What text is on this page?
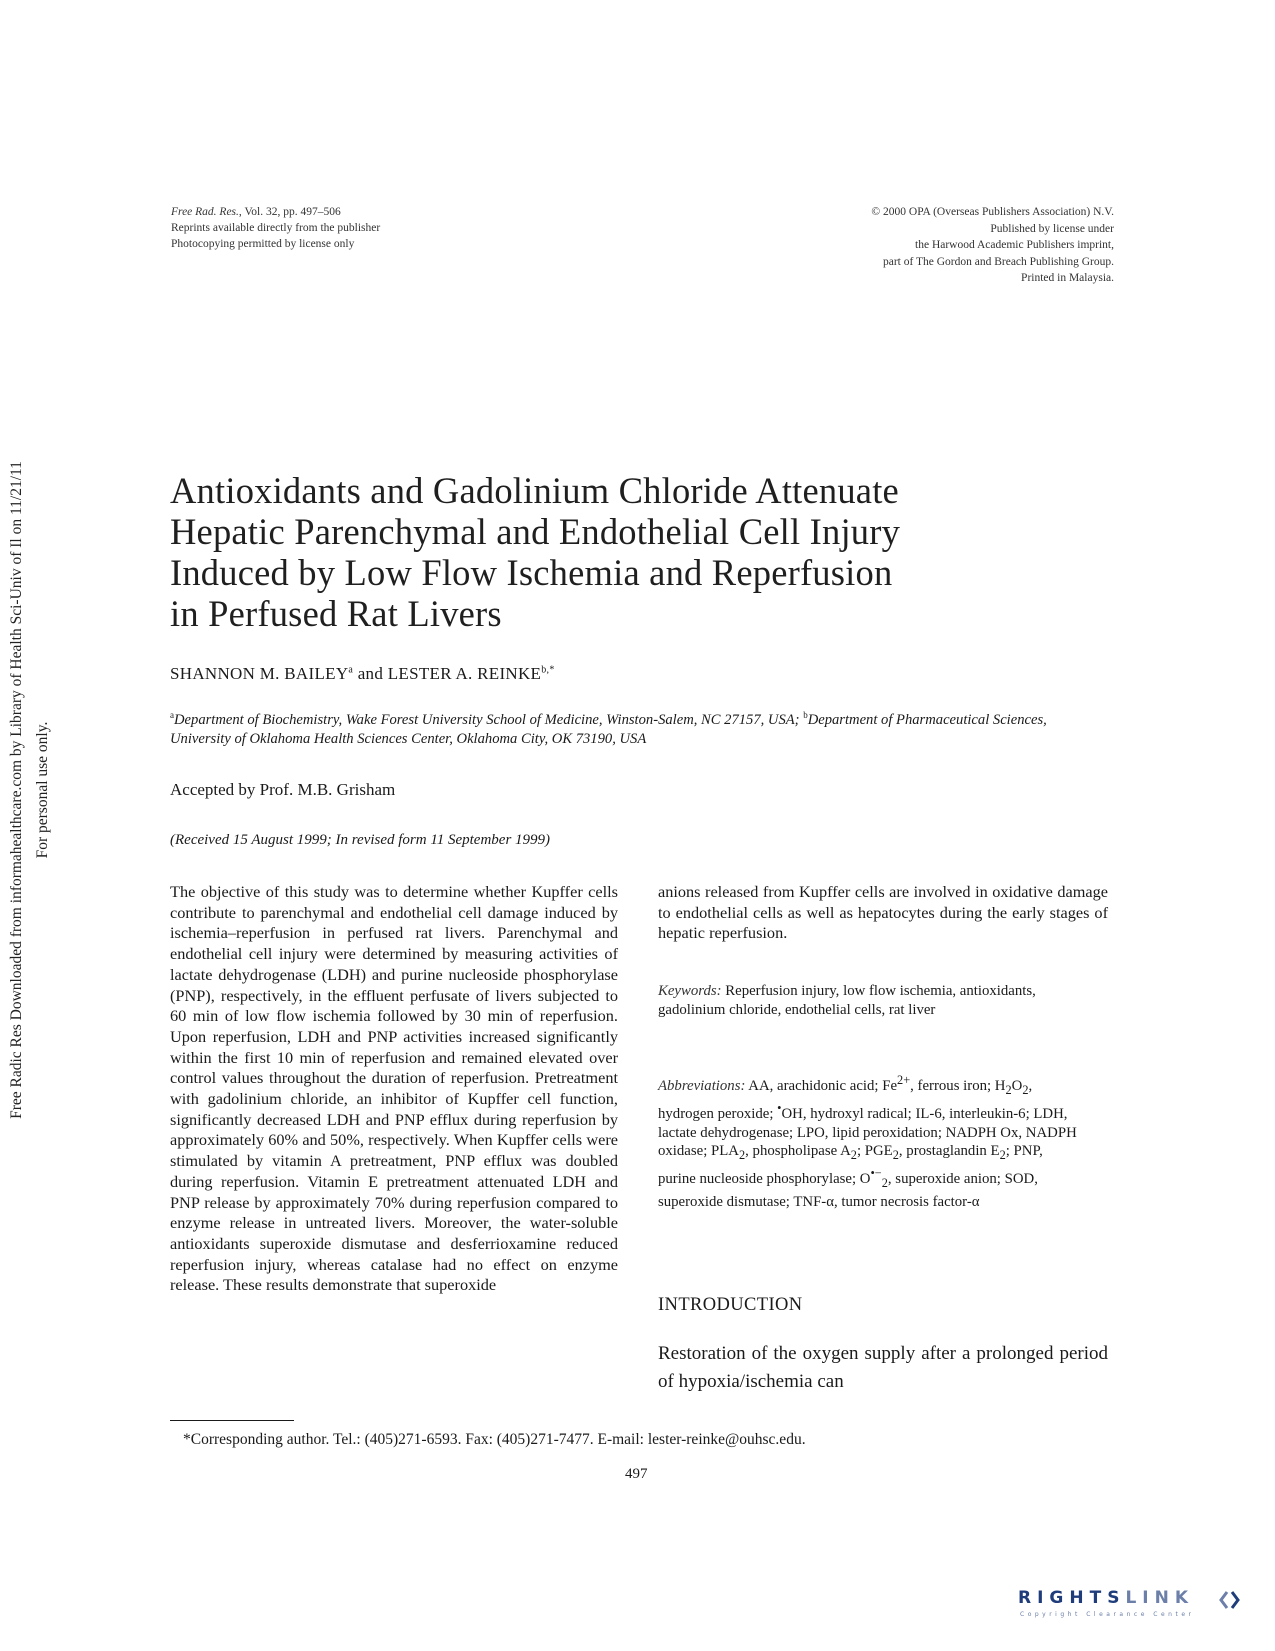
Free Radic Res Downloaded from informahealthcare.com by Library of Health Sci-Univ of Il on 11/21/11 For personal use only.
Free Rad. Res., Vol. 32, pp. 497–506
Reprints available directly from the publisher
Photocopying permitted by license only
© 2000 OPA (Overseas Publishers Association) N.V.
Published by license under
the Harwood Academic Publishers imprint,
part of The Gordon and Breach Publishing Group.
Printed in Malaysia.
Antioxidants and Gadolinium Chloride Attenuate
Hepatic Parenchymal and Endothelial Cell Injury
Induced by Low Flow Ischemia and Reperfusion
in Perfused Rat Livers
SHANNON M. BAILEY$^a$ and LESTER A. $REINKE^{b,*}$
$^a$Department of Biochemistry, Wake Forest University School of Medicine, Winston-Salem, NC 27157, USA; $^b$Department of Pharmaceutical Sciences, University of Oklahoma Health Sciences Center, Oklahoma City, OK 73190, USA
Accepted by Prof. M.B. Grisham
(Received 15 August 1999; In revised form 11 September 1999)
The objective of this study was to determine whether Kupffer cells contribute to parenchymal and endothelial cell damage induced by ischemia–reperfusion in perfused rat livers. Parenchymal and endothelial cell injury were determined by measuring activities of lactate dehydrogenase (LDH) and purine nucleoside phosphorylase (PNP), respectively, in the effluent perfusate of livers subjected to 60 min of low flow ischemia followed by 30 min of reperfusion. Upon reperfusion, LDH and PNP activities increased significantly within the first 10 min of reperfusion and remained elevated over control values throughout the duration of reperfusion. Pretreatment with gadolinium chloride, an inhibitor of Kupffer cell function, significantly decreased LDH and PNP efflux during reperfusion by approximately 60% and 50%, respectively. When Kupffer cells were stimulated by vitamin A pretreatment, PNP efflux was doubled during reperfusion. Vitamin E pretreatment attenuated LDH and PNP release by approximately 70% during reperfusion compared to enzyme release in untreated livers. Moreover, the water-soluble antioxidants superoxide dismutase and desferrioxamine reduced reperfusion injury, whereas catalase had no effect on enzyme release. These results demonstrate that superoxide
anions released from Kupffer cells are involved in oxidative damage to endothelial cells as well as hepatocytes during the early stages of hepatic reperfusion.
Keywords: Reperfusion injury, low flow ischemia, antioxidants, gadolinium chloride, endothelial cells, rat liver
Abbreviations: AA, arachidonic acid; $Fe^{2+}$, ferrous iron; $H_2O_2$, hydrogen peroxide; •OH, hydroxyl radical; IL-6, interleukin-6; LDH, lactate dehydrogenase; LPO, lipid peroxidation; NADPH Ox, NADPH oxidase; $PLA_2$, phospholipase $A_2$; $PGE_2$, prostaglandin $E_2$; PNP, purine nucleoside phosphorylase; $O^{•-}_2$, superoxide anion; SOD, superoxide dismutase; TNF-α, tumor necrosis factor-α
INTRODUCTION
Restoration of the oxygen supply after a prolonged period of hypoxia/ischemia can
*Corresponding author. Tel.: (405)271-6593. Fax: (405)271-7477. E-mail: lester-reinke@ouhsc.edu.
497
RIGHTSLINK
Copyright Clearance Center
